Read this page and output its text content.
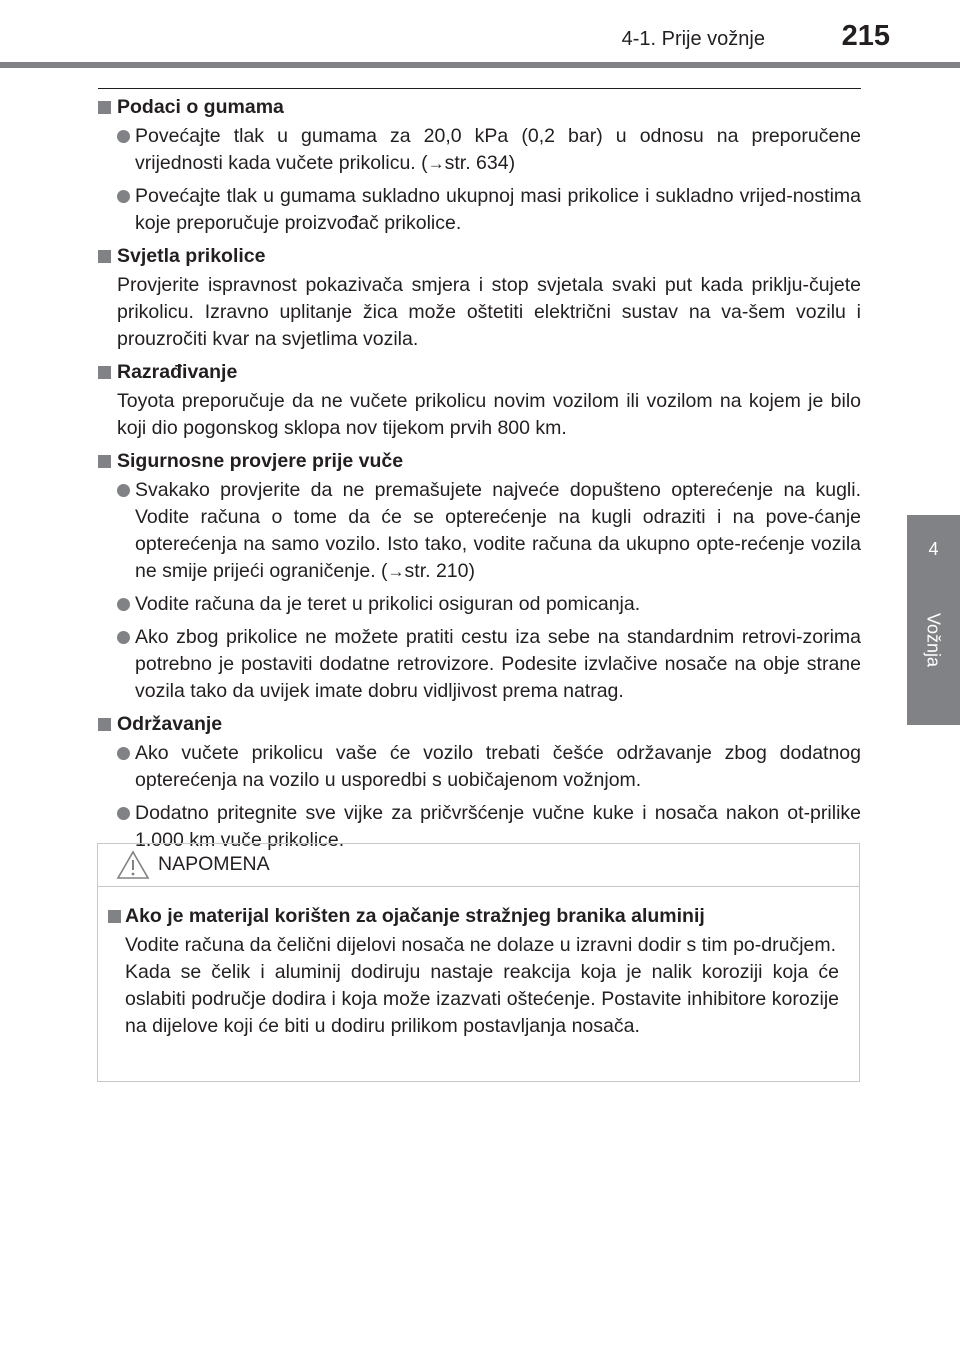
4-1. Prije vožnje	215
4
Vožnja
Podaci o gumama
Povećajte tlak u gumama za 20,0 kPa (0,2 bar) u odnosu na preporučene vrijednosti kada vučete prikolicu. (→str. 634)
Povećajte tlak u gumama sukladno ukupnoj masi prikolice i sukladno vrijed-nostima koje preporučuje proizvođač prikolice.
Svjetla prikolice
Provjerite ispravnost pokazivača smjera i stop svjetala svaki put kada priklju-čujete prikolicu. Izravno uplitanje žica može oštetiti električni sustav na va-šem vozilu i prouzročiti kvar na svjetlima vozila.
Razrađivanje
Toyota preporučuje da ne vučete prikolicu novim vozilom ili vozilom na kojem je bilo koji dio pogonskog sklopa nov tijekom prvih 800 km.
Sigurnosne provjere prije vuče
Svakako provjerite da ne premašujete najveće dopušteno opterećenje na kugli. Vodite računa o tome da će se opterećenje na kugli odraziti i na pove-ćanje opterećenja na samo vozilo. Isto tako, vodite računa da ukupno opte-rećenje vozila ne smije prijeći ograničenje. (→str. 210)
Vodite računa da je teret u prikolici osiguran od pomicanja.
Ako zbog prikolice ne možete pratiti cestu iza sebe na standardnim retrovi-zorima potrebno je postaviti dodatne retrovizore. Podesite izvlačive nosače na obje strane vozila tako da uvijek imate dobru vidljivost prema natrag.
Održavanje
Ako vučete prikolicu vaše će vozilo trebati češće održavanje zbog dodatnog opterećenja na vozilo u usporedbi s uobičajenom vožnjom.
Dodatno pritegnite sve vijke za pričvršćenje vučne kuke i nosača nakon ot-prilike 1.000 km vuče prikolice.
NAPOMENA
Ako je materijal korišten za ojačanje stražnjeg branika aluminij
Vodite računa da čelični dijelovi nosača ne dolaze u izravni dodir s tim po-dručjem.
Kada se čelik i aluminij dodiruju nastaje reakcija koja je nalik koroziji koja će oslabiti područje dodira i koja može izazvati oštećenje. Postavite inhibitore korozije na dijelove koji će biti u dodiru prilikom postavljanja nosača.
